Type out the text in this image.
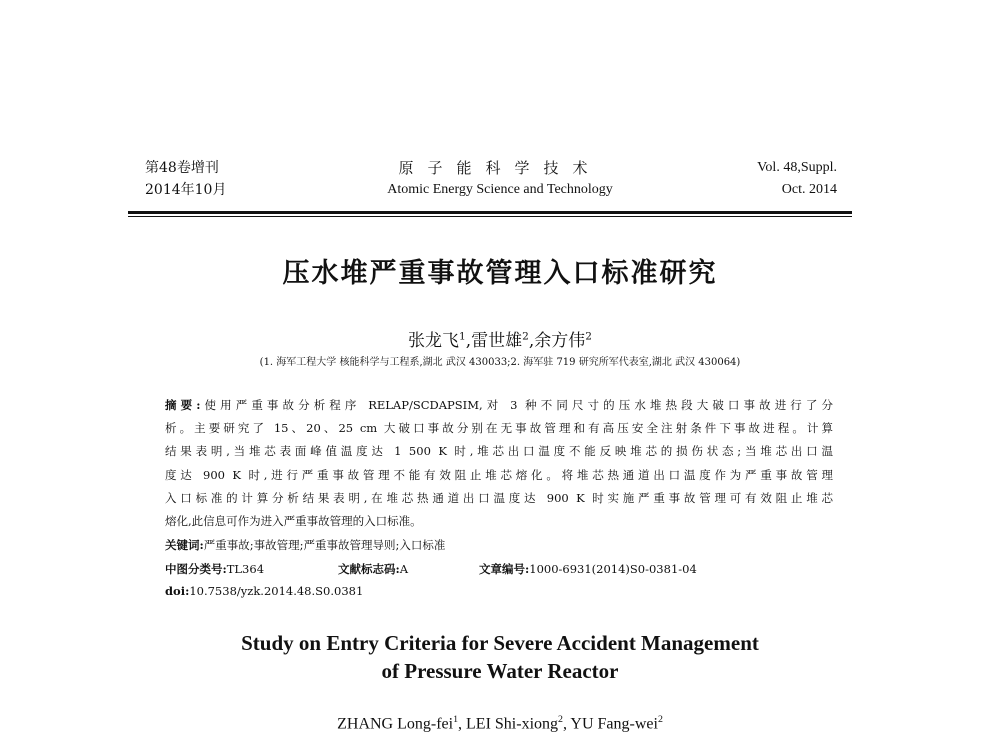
第48卷增刊
2014年10月
原子能科学技术
Atomic Energy Science and Technology
Vol. 48,Suppl.
Oct. 2014
压水堆严重事故管理入口标准研究
张龙飞$^1$,雷世雄$^2$,余方伟$^2$
(1. 海军工程大学 核能科学与工程系,湖北 武汉 430033;2. 海军驻 719 研究所军代表室,湖北 武汉 430064)
摘要:使用严重事故分析程序 RELAP/SCDAPSIM,对 3 种不同尺寸的压水堆热段大破口事故进行了分
析。主要研究了 15、20、25 cm 大破口事故分别在无事故管理和有高压安全注射条件下事故进程。计算
结果表明,当堆芯表面峰值温度达 1 500 K 时,堆芯出口温度不能反映堆芯的损伤状态;当堆芯出口温
度达 900 K 时,进行严重事故管理不能有效阻止堆芯熔化。将堆芯热通道出口温度作为严重事故管理
入口标准的计算分析结果表明,在堆芯热通道出口温度达 900 K 时实施严重事故管理可有效阻止堆芯
熔化,此信息可作为进入严重事故管理的入口标准。
关键词:严重事故;事故管理;严重事故管理导则;入口标准
中图分类号:TL364	文献标志码:A	文章编号:1000-6931(2014)S0-0381-04
doi:10.7538/yzk.2014.48.S0.0381
Study on Entry Criteria for Severe Accident Management
of Pressure Water Reactor
ZHANG Long-fei$^1$, LEI Shi-xiong$^2$, YU Fang-wei$^2$
